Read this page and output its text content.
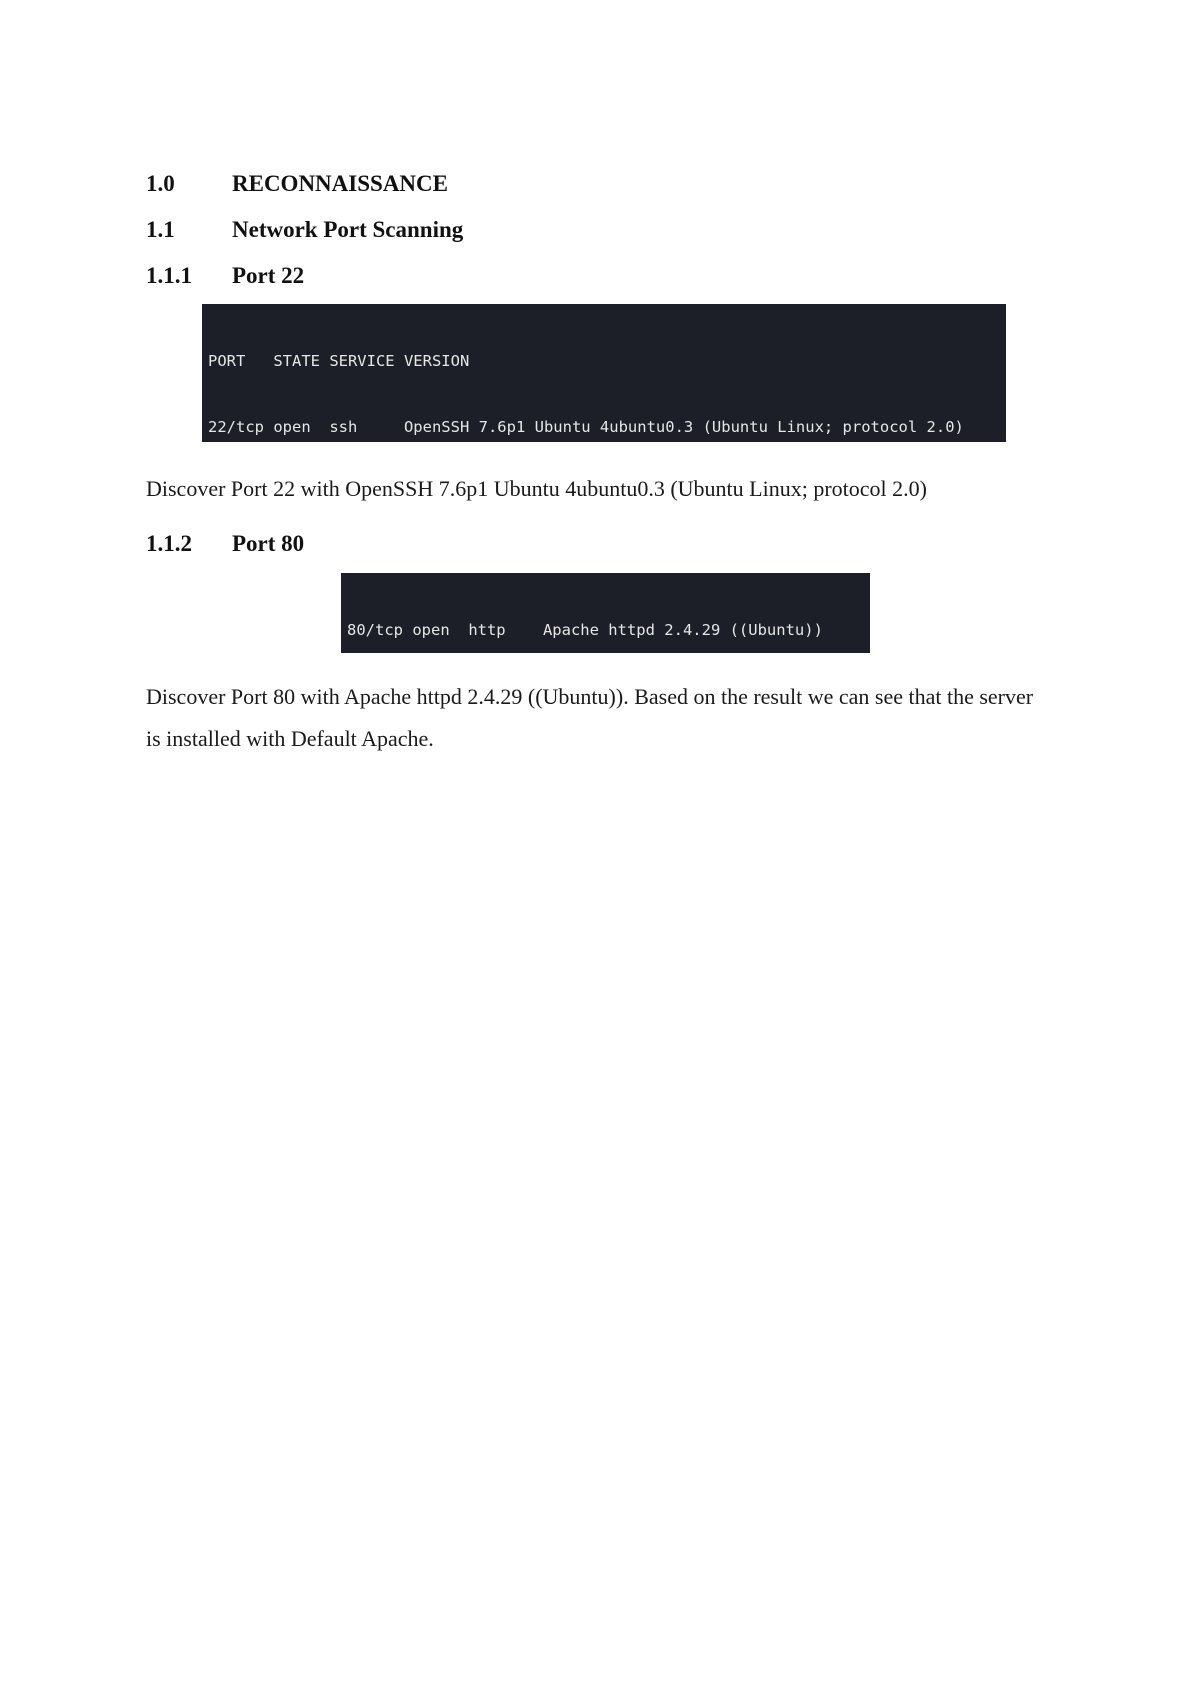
1.0 RECONNAISSANCE
1.1 Network Port Scanning
1.1.1 Port 22

PORT   STATE SERVICE VERSION

22/tcp open  ssh     OpenSSH 7.6p1 Ubuntu 4ubuntu0.3 (Ubuntu Linux; protocol 2.0)

Discover Port 22 with OpenSSH 7.6p1 Ubuntu 4ubuntu0.3 (Ubuntu Linux; protocol 2.0)
1.1.2 Port 80

80/tcp open  http    Apache httpd 2.4.29 ((Ubuntu))

Discover Port 80 with Apache httpd 2.4.29 ((Ubuntu)). Based on the result we can see that the server is installed with Default Apache.
